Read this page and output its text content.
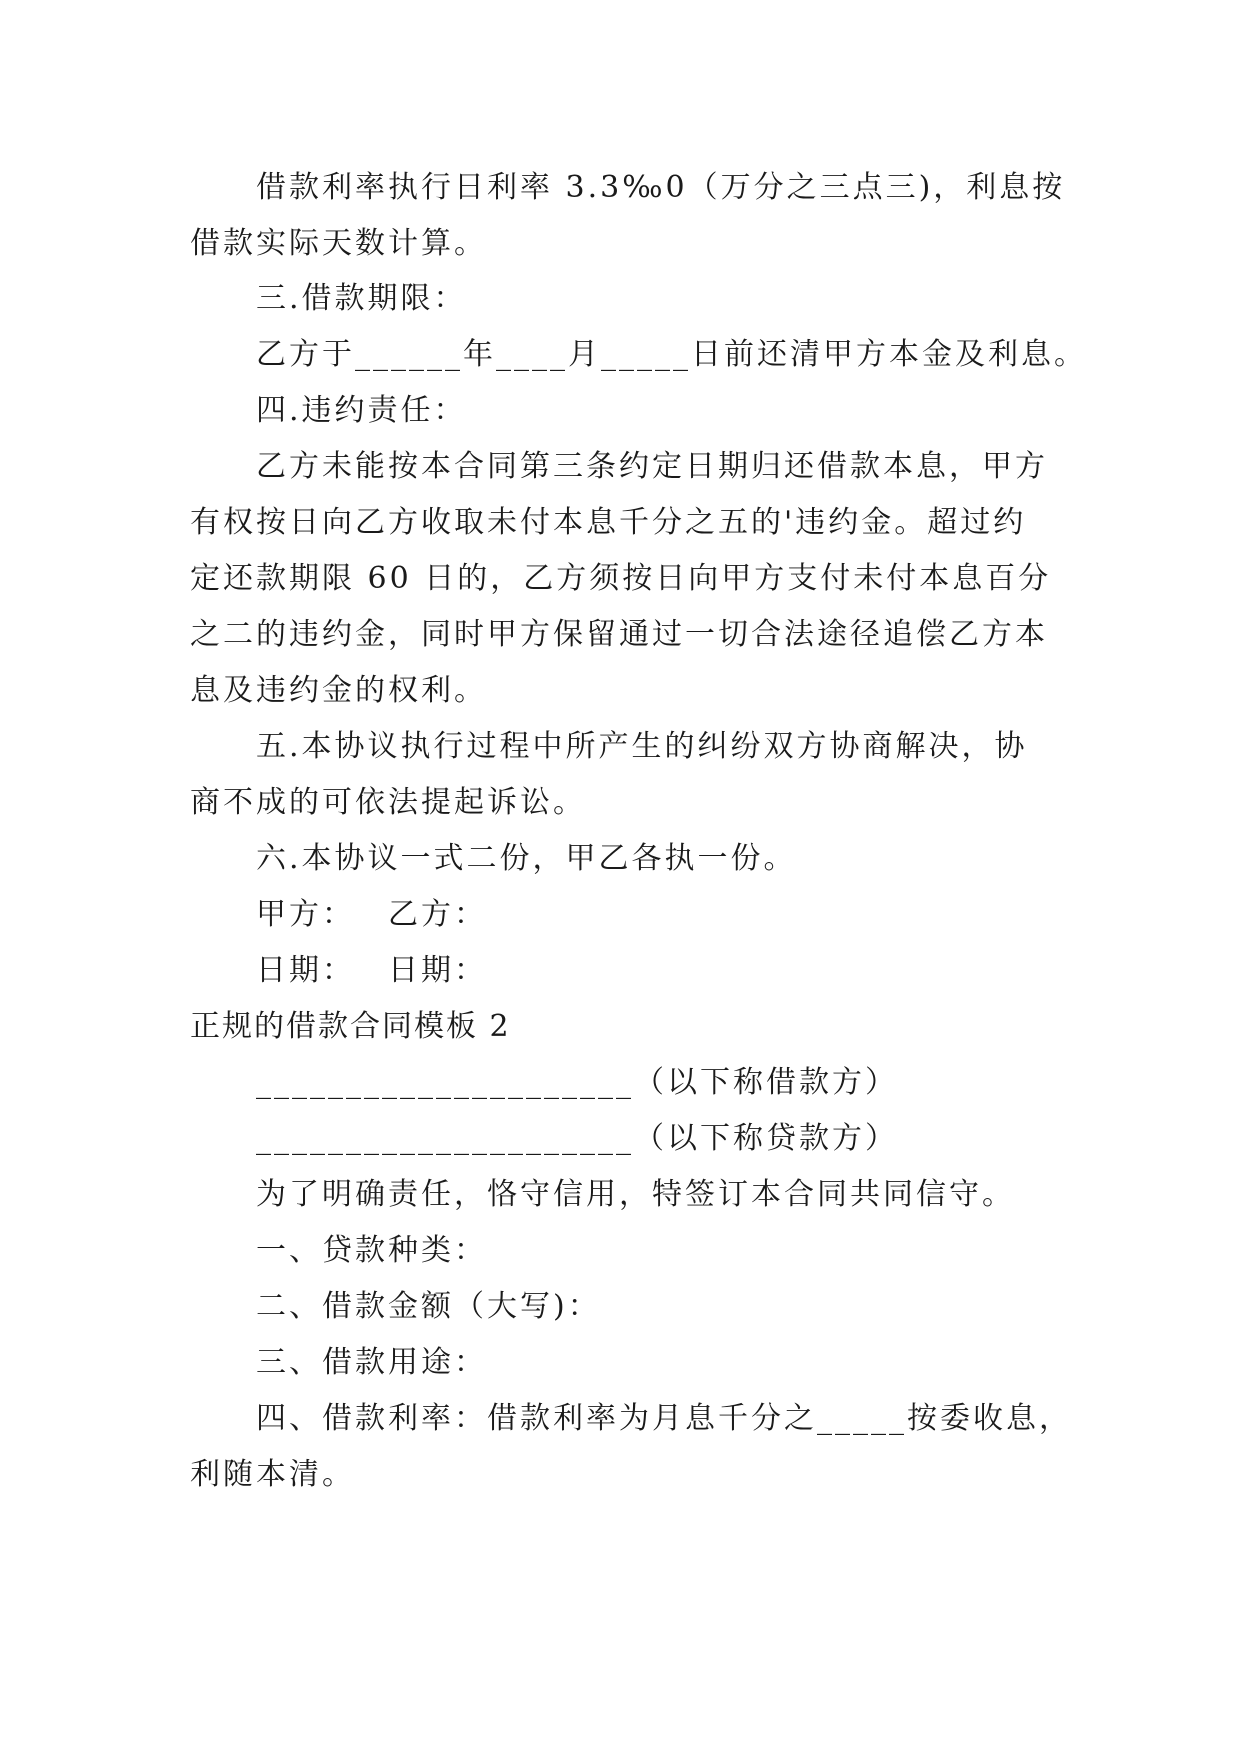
借款利率执行日利率 3.3‰0（万分之三点三)，利息按
借款实际天数计算。
三.借款期限：
乙方于______年____月_____日前还清甲方本金及利息。
四.违约责任：
乙方未能按本合同第三条约定日期归还借款本息，甲方
有权按日向乙方收取未付本息千分之五的'违约金。超过约
定还款期限 60 日的，乙方须按日向甲方支付未付本息百分
之二的违约金，同时甲方保留通过一切合法途径追偿乙方本
息及违约金的权利。
五.本协议执行过程中所产生的纠纷双方协商解决，协
商不成的可依法提起诉讼。
六.本协议一式二份，甲乙各执一份。
甲方： 乙方：
日期： 日期：
正规的借款合同模板 2
_____________________（以下称借款方）
_____________________（以下称贷款方）
为了明确责任，恪守信用，特签订本合同共同信守。
一、贷款种类：
二、借款金额（大写)：
三、借款用途：
四、借款利率：借款利率为月息千分之_____按委收息，
利随本清。
